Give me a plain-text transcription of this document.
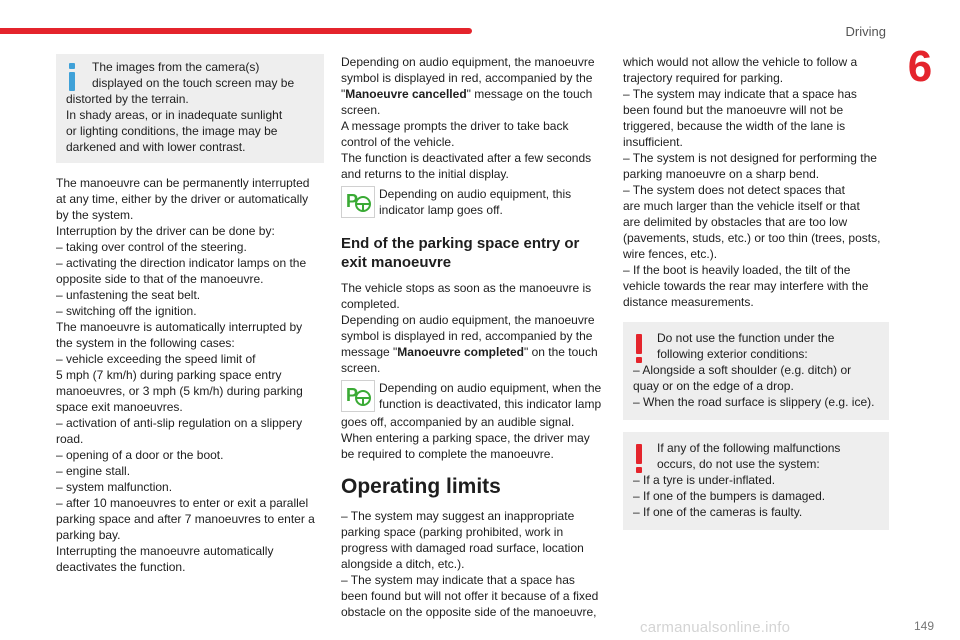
Driving
6
The images from the camera(s)
displayed on the touch screen may be
distorted by the terrain.
In shady areas, or in inadequate sunlight
or lighting conditions, the image may be
darkened and with lower contrast.
The manoeuvre can be permanently interrupted
at any time, either by the driver or automatically
by the system.
Interruption by the driver can be done by:
– taking over control of the steering.
– activating the direction indicator lamps on the
opposite side to that of the manoeuvre.
– unfastening the seat belt.
– switching off the ignition.
The manoeuvre is automatically interrupted by
the system in the following cases:
– vehicle exceeding the speed limit of
5 mph (7 km/h) during parking space entry
manoeuvres, or 3 mph (5 km/h) during parking
space exit manoeuvres.
– activation of anti-slip regulation on a slippery
road.
– opening of a door or the boot.
– engine stall.
– system malfunction.
– after 10 manoeuvres to enter or exit a parallel
parking space and after 7 manoeuvres to enter a
parking bay.
Interrupting the manoeuvre automatically
deactivates the function.
Depending on audio equipment, the manoeuvre
symbol is displayed in red, accompanied by the
"Manoeuvre cancelled" message on the touch
screen.
A message prompts the driver to take back
control of the vehicle.
The function is deactivated after a few seconds
and returns to the initial display.
P Depending on audio equipment, this
indicator lamp goes off.
End of the parking space entry or exit manoeuvre
The vehicle stops as soon as the manoeuvre is
completed.
Depending on audio equipment, the manoeuvre
symbol is displayed in red, accompanied by the
message "Manoeuvre completed" on the touch
screen.
P Depending on audio equipment, when the
function is deactivated, this indicator lamp
goes off, accompanied by an audible signal.
When entering a parking space, the driver may
be required to complete the manoeuvre.
Operating limits
– The system may suggest an inappropriate
parking space (parking prohibited, work in
progress with damaged road surface, location
alongside a ditch, etc.).
– The system may indicate that a space has
been found but will not offer it because of a fixed
obstacle on the opposite side of the manoeuvre,
which would not allow the vehicle to follow a
trajectory required for parking.
– The system may indicate that a space has
been found but the manoeuvre will not be
triggered, because the width of the lane is
insufficient.
– The system is not designed for performing the
parking manoeuvre on a sharp bend.
– The system does not detect spaces that
are much larger than the vehicle itself or that
are delimited by obstacles that are too low
(pavements, studs, etc.) or too thin (trees, posts,
wire fences, etc.).
– If the boot is heavily loaded, the tilt of the
vehicle towards the rear may interfere with the
distance measurements.
Do not use the function under the
following exterior conditions:
– Alongside a soft shoulder (e.g. ditch) or
quay or on the edge of a drop.
– When the road surface is slippery (e.g. ice).
If any of the following malfunctions
occurs, do not use the system:
– If a tyre is under-inflated.
– If one of the bumpers is damaged.
– If one of the cameras is faulty.
carmanualsonline.info	149
